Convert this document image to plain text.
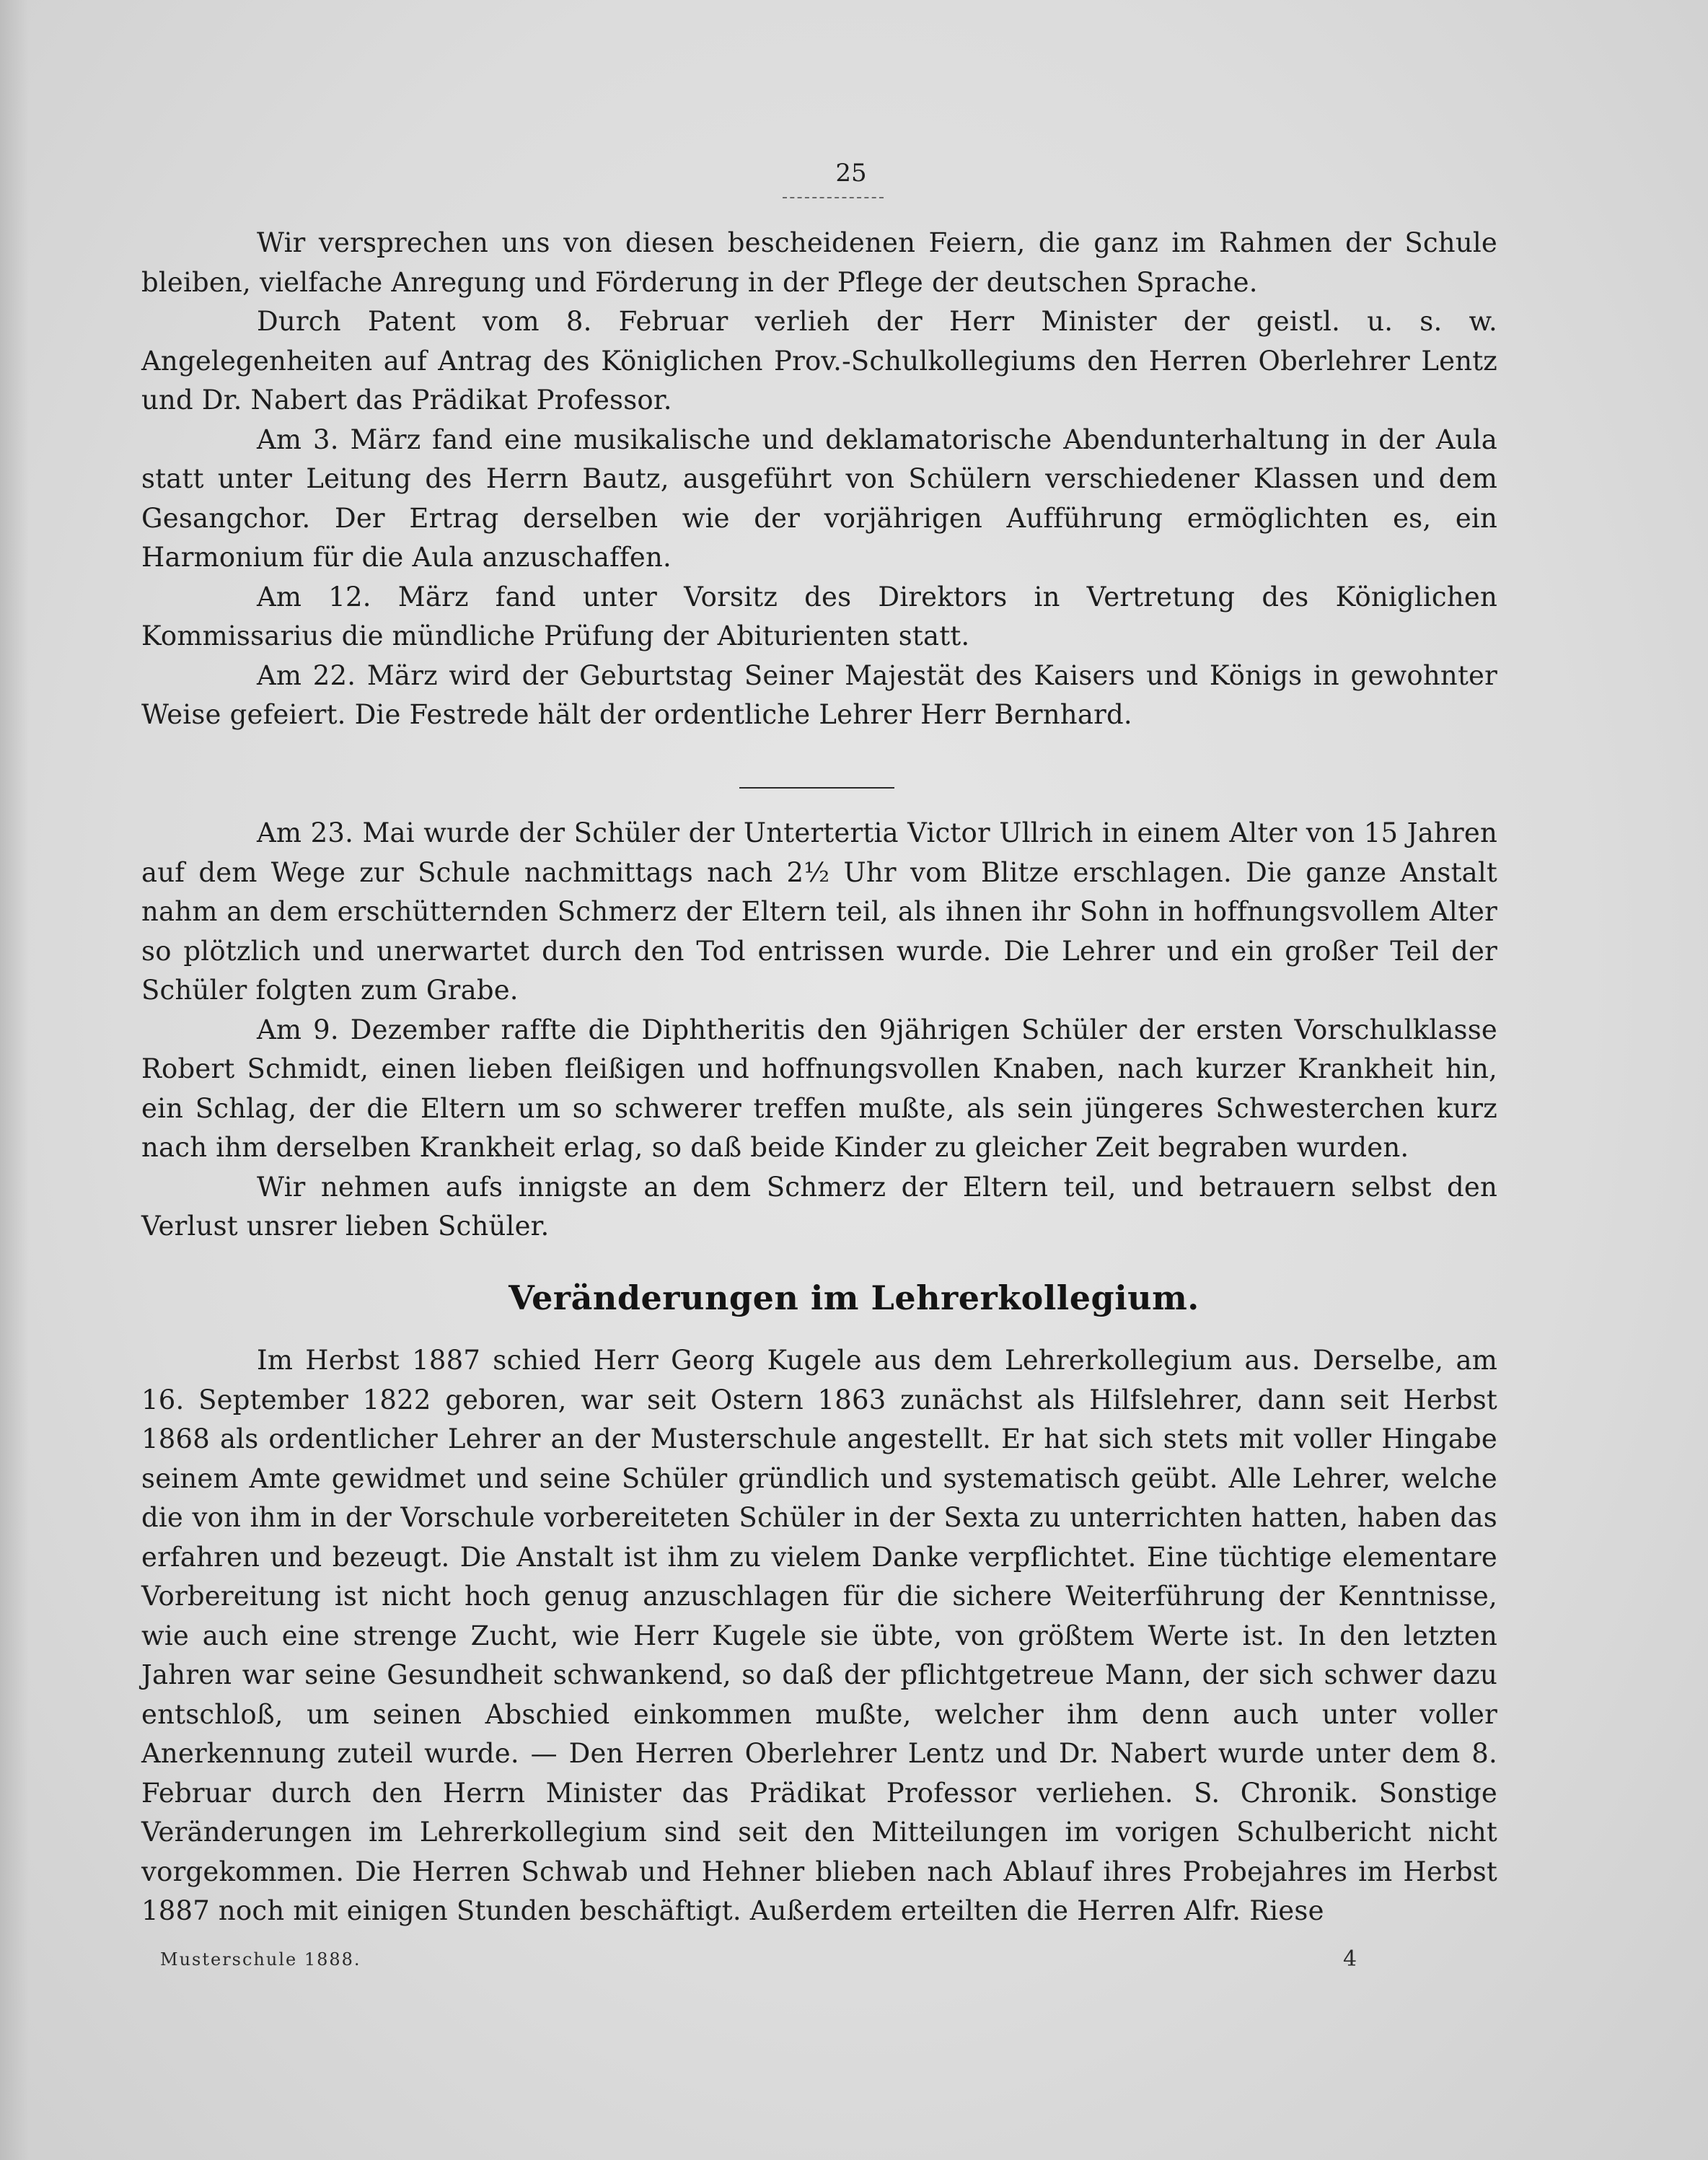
25

Wir versprechen uns von diesen bescheidenen Feiern, die ganz im Rahmen der Schule bleiben, vielfache Anregung und Förderung in der Pflege der deutschen Sprache.

Durch Patent vom 8. Februar verlieh der Herr Minister der geistl. u. s. w. Angelegenheiten auf Antrag des Königlichen Prov.-Schulkollegiums den Herren Oberlehrer Lentz und Dr. Nabert das Prädikat Professor.

Am 3. März fand eine musikalische und deklamatorische Abendunterhaltung in der Aula statt unter Leitung des Herrn Bautz, ausgeführt von Schülern verschiedener Klassen und dem Gesangchor. Der Ertrag derselben wie der vorjährigen Aufführung ermöglichten es, ein Harmonium für die Aula anzuschaffen.

Am 12. März fand unter Vorsitz des Direktors in Vertretung des Königlichen Kommissarius die mündliche Prüfung der Abiturienten statt.

Am 22. März wird der Geburtstag Seiner Majestät des Kaisers und Königs in gewohnter Weise gefeiert. Die Festrede hält der ordentliche Lehrer Herr Bernhard.

Am 23. Mai wurde der Schüler der Untertertia Victor Ullrich in einem Alter von 15 Jahren auf dem Wege zur Schule nachmittags nach 2½ Uhr vom Blitze erschlagen. Die ganze Anstalt nahm an dem erschütternden Schmerz der Eltern teil, als ihnen ihr Sohn in hoffnungsvollem Alter so plötzlich und unerwartet durch den Tod entrissen wurde. Die Lehrer und ein großer Teil der Schüler folgten zum Grabe.

Am 9. Dezember raffte die Diphtheritis den 9jährigen Schüler der ersten Vorschulklasse Robert Schmidt, einen lieben fleißigen und hoffnungsvollen Knaben, nach kurzer Krankheit hin, ein Schlag, der die Eltern um so schwerer treffen mußte, als sein jüngeres Schwesterchen kurz nach ihm derselben Krankheit erlag, so daß beide Kinder zu gleicher Zeit begraben wurden.

Wir nehmen aufs innigste an dem Schmerz der Eltern teil, und betrauern selbst den Verlust unsrer lieben Schüler.

Veränderungen im Lehrerkollegium.

Im Herbst 1887 schied Herr Georg Kugele aus dem Lehrerkollegium aus. Derselbe, am 16. September 1822 geboren, war seit Ostern 1863 zunächst als Hilfslehrer, dann seit Herbst 1868 als ordentlicher Lehrer an der Musterschule angestellt. Er hat sich stets mit voller Hingabe seinem Amte gewidmet und seine Schüler gründlich und systematisch geübt. Alle Lehrer, welche die von ihm in der Vorschule vorbereiteten Schüler in der Sexta zu unterrichten hatten, haben das erfahren und bezeugt. Die Anstalt ist ihm zu vielem Danke verpflichtet. Eine tüchtige elementare Vorbereitung ist nicht hoch genug anzuschlagen für die sichere Weiterführung der Kenntnisse, wie auch eine strenge Zucht, wie Herr Kugele sie übte, von größtem Werte ist. In den letzten Jahren war seine Gesundheit schwankend, so daß der pflichtgetreue Mann, der sich schwer dazu entschloß, um seinen Abschied einkommen mußte, welcher ihm denn auch unter voller Anerkennung zuteil wurde. — Den Herren Oberlehrer Lentz und Dr. Nabert wurde unter dem 8. Februar durch den Herrn Minister das Prädikat Professor verliehen. S. Chronik. Sonstige Veränderungen im Lehrerkollegium sind seit den Mitteilungen im vorigen Schulbericht nicht vorgekommen. Die Herren Schwab und Hehner blieben nach Ablauf ihres Probejahres im Herbst 1887 noch mit einigen Stunden beschäftigt. Außerdem erteilten die Herren Alfr. Riese

Musterschule 1888.	4
